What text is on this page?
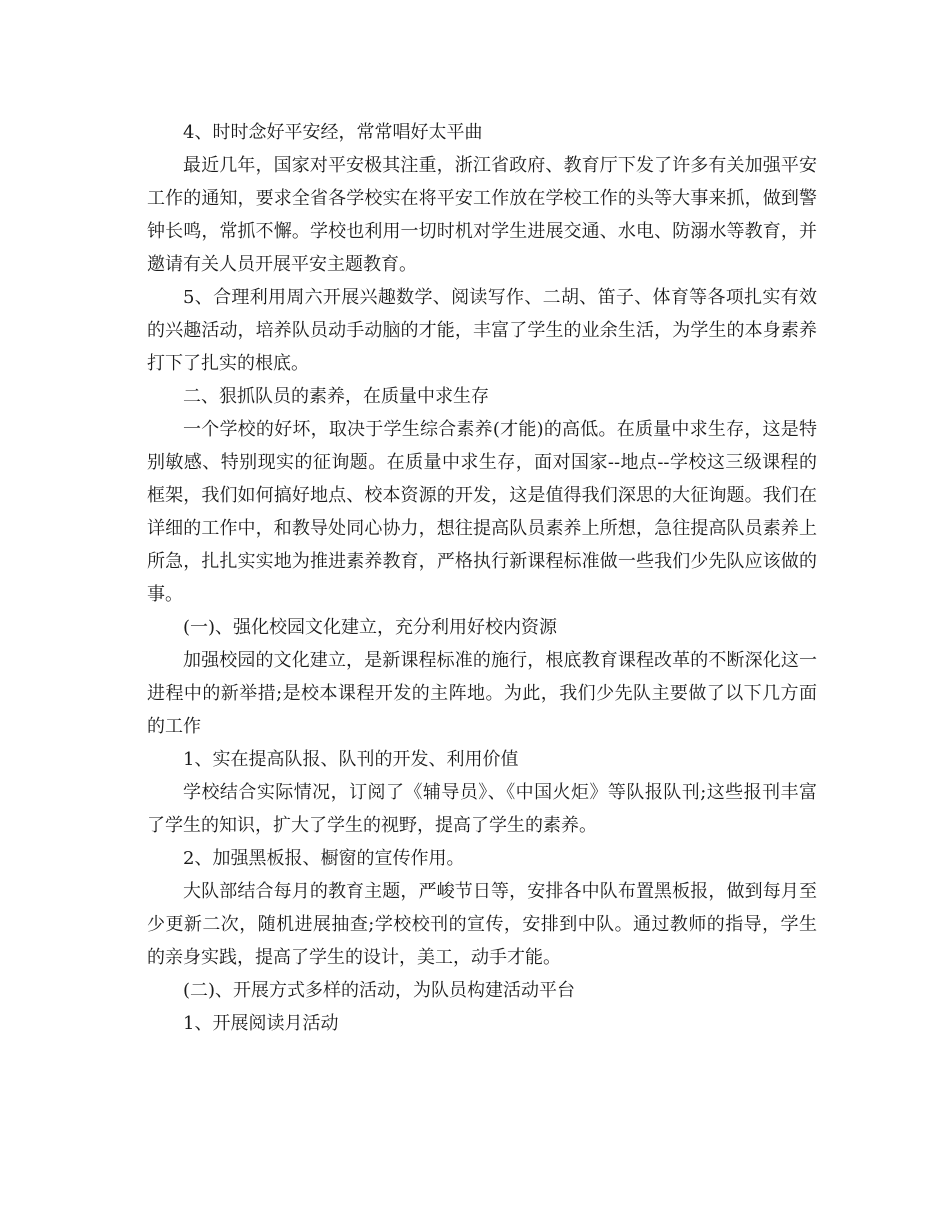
4、时时念好平安经，常常唱好太平曲

最近几年，国家对平安极其注重，浙江省政府、教育厅下发了许多有关加强平安工作的通知，要求全省各学校实在将平安工作放在学校工作的头等大事来抓，做到警钟长鸣，常抓不懈。学校也利用一切时机对学生进展交通、水电、防溺水等教育，并邀请有关人员开展平安主题教育。

5、合理利用周六开展兴趣数学、阅读写作、二胡、笛子、体育等各项扎实有效的兴趣活动，培养队员动手动脑的才能，丰富了学生的业余生活，为学生的本身素养打下了扎实的根底。

二、狠抓队员的素养，在质量中求生存

一个学校的好坏，取决于学生综合素养(才能)的高低。在质量中求生存，这是特别敏感、特别现实的征询题。在质量中求生存，面对国家--地点--学校这三级课程的框架，我们如何搞好地点、校本资源的开发，这是值得我们深思的大征询题。我们在详细的工作中，和教导处同心协力，想往提高队员素养上所想，急往提高队员素养上所急，扎扎实实地为推进素养教育，严格执行新课程标准做一些我们少先队应该做的事。

(一)、强化校园文化建立，充分利用好校内资源

加强校园的文化建立，是新课程标准的施行，根底教育课程改革的不断深化这一进程中的新举措;是校本课程开发的主阵地。为此，我们少先队主要做了以下几方面的工作

1、实在提高队报、队刊的开发、利用价值

学校结合实际情况，订阅了《辅导员》、《中国火炬》等队报队刊;这些报刊丰富了学生的知识，扩大了学生的视野，提高了学生的素养。

2、加强黑板报、橱窗的宣传作用。

大队部结合每月的教育主题，严峻节日等，安排各中队布置黑板报，做到每月至少更新二次，随机进展抽查;学校校刊的宣传，安排到中队。通过教师的指导，学生的亲身实践，提高了学生的设计，美工，动手才能。

(二)、开展方式多样的活动，为队员构建活动平台

1、开展阅读月活动
